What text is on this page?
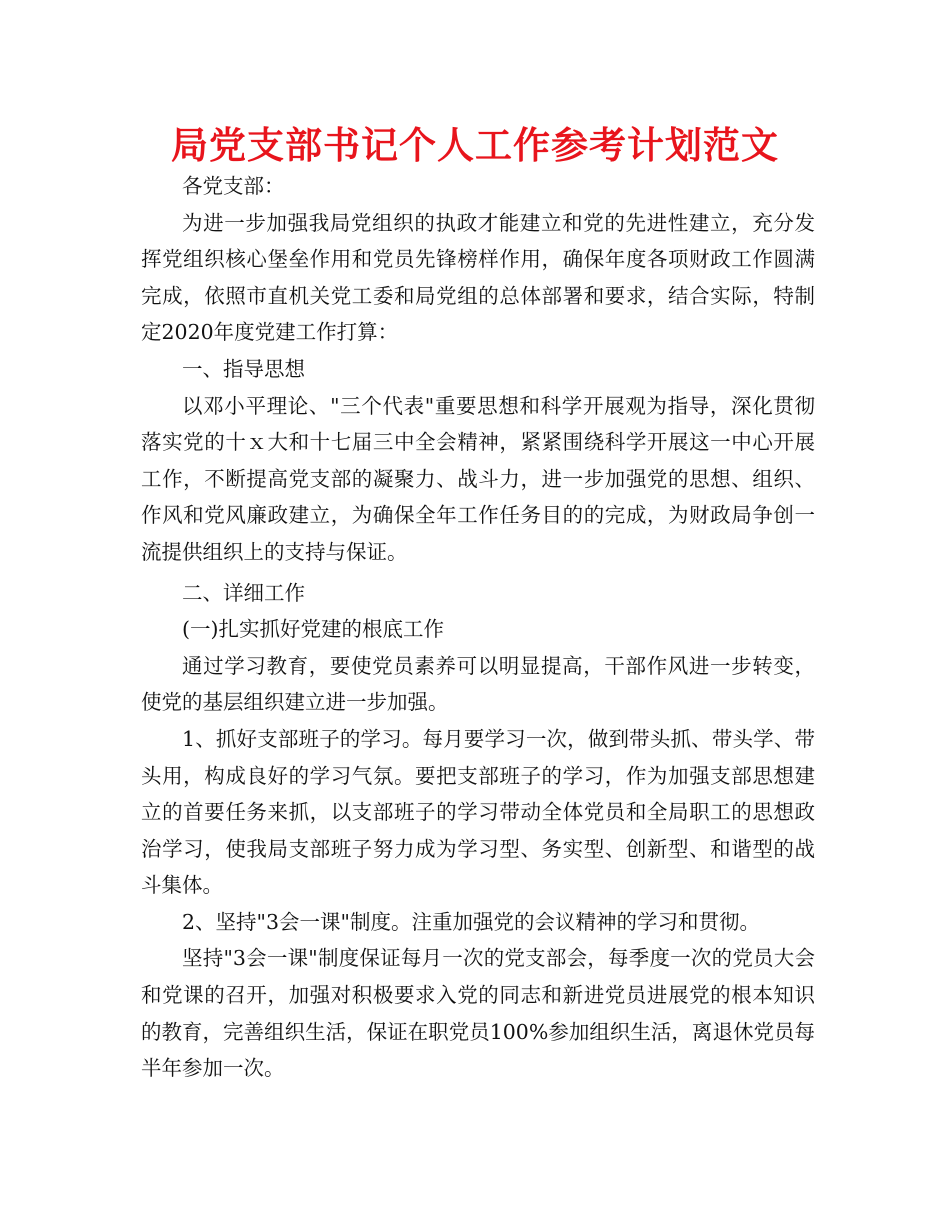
局党支部书记个人工作参考计划范文

各党支部：

为进一步加强我局党组织的执政才能建立和党的先进性建立，充分发挥党组织核心堡垒作用和党员先锋榜样作用，确保年度各项财政工作圆满完成，依照市直机关党工委和局党组的总体部署和要求，结合实际，特制定2020年度党建工作打算：

一、指导思想

以邓小平理论、"三个代表"重要思想和科学开展观为指导，深化贯彻落实党的十ｘ大和十七届三中全会精神，紧紧围绕科学开展这一中心开展工作，不断提高党支部的凝聚力、战斗力，进一步加强党的思想、组织、作风和党风廉政建立，为确保全年工作任务目的的完成，为财政局争创一流提供组织上的支持与保证。

二、详细工作

(一)扎实抓好党建的根底工作

通过学习教育，要使党员素养可以明显提高，干部作风进一步转变，使党的基层组织建立进一步加强。

1、抓好支部班子的学习。每月要学习一次，做到带头抓、带头学、带头用，构成良好的学习气氛。要把支部班子的学习，作为加强支部思想建立的首要任务来抓，以支部班子的学习带动全体党员和全局职工的思想政治学习，使我局支部班子努力成为学习型、务实型、创新型、和谐型的战斗集体。

2、坚持"3会一课"制度。注重加强党的会议精神的学习和贯彻。

坚持"3会一课"制度保证每月一次的党支部会，每季度一次的党员大会和党课的召开，加强对积极要求入党的同志和新进党员进展党的根本知识的教育，完善组织生活，保证在职党员100%参加组织生活，离退休党员每半年参加一次。
